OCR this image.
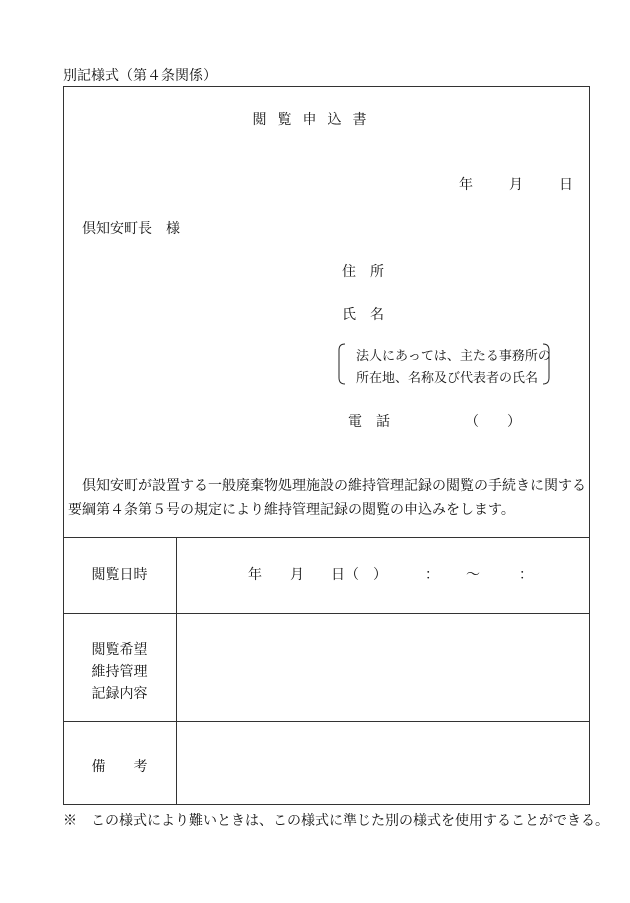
別記様式（第４条関係）
閲覧申込書
年	月	日
倶知安町長　様
住　所
氏　名
法人にあっては、主たる事務所の
所在地、名称及び代表者の氏名
電　話	（　　）
倶知安町が設置する一般廃棄物処理施設の維持管理記録の閲覧の手続きに関する要綱第４条第５号の規定により維持管理記録の閲覧の申込みをします。
閲覧日時	年 月 日（　）	： ～	：
閲覧希望
維持管理
記録内容
備　　考
※　この様式により難いときは、この様式に準じた別の様式を使用することができる。
